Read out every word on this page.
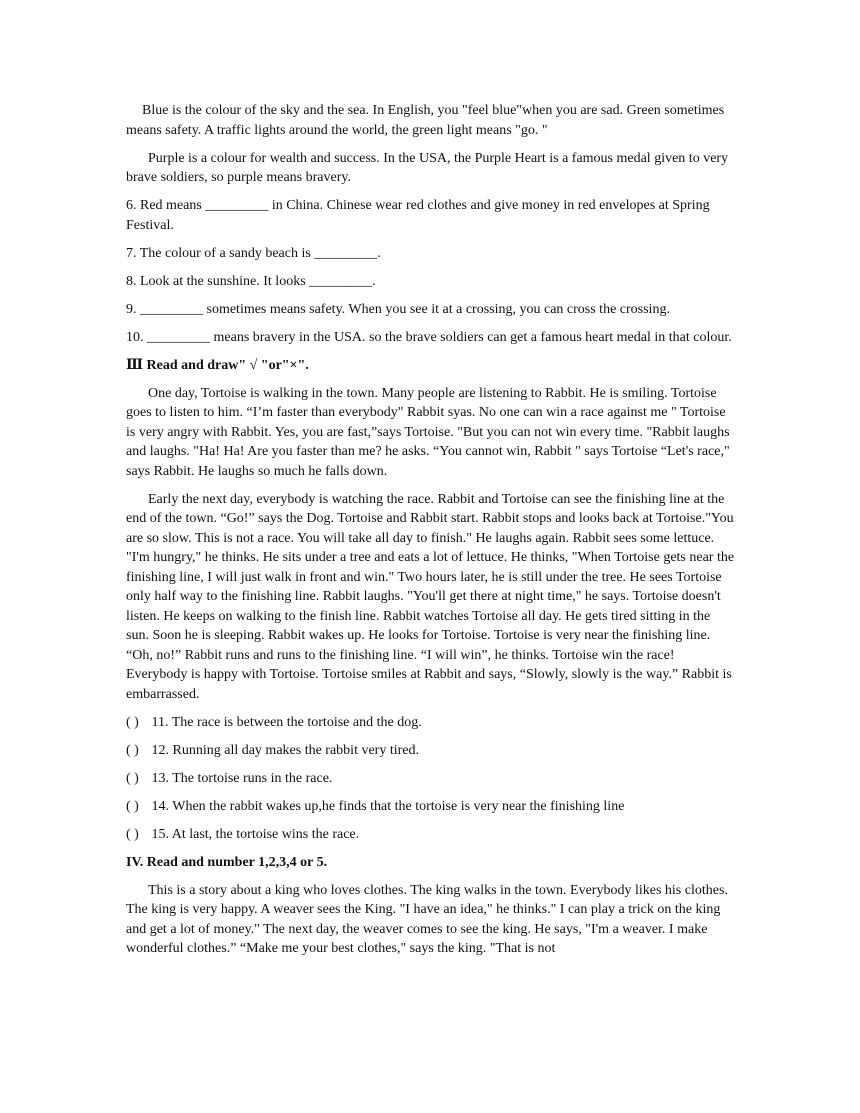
Blue is the colour of the sky and the sea. In English, you "feel blue"when you are sad. Green sometimes means safety. A traffic lights around the world, the green light means "go. "

Purple is a colour for wealth and success. In the USA, the Purple Heart is a famous medal given to very brave soldiers, so purple means bravery.

6. Red means _________ in China. Chinese wear red clothes and give money in red envelopes at Spring Festival.

7. The colour of a sandy beach is _________.

8. Look at the sunshine. It looks _________.

9. _________ sometimes means safety. When you see it at a crossing, you can cross the crossing.

10. _________ means bravery in the USA. so the brave soldiers can get a famous heart medal in that colour.

Ⅲ Read and draw" √ "or"×".

One day, Tortoise is walking in the town. Many people are listening to Rabbit. He is smiling. Tortoise goes to listen to him. “I’m faster than everybody" Rabbit syas. No one can win a race against me " Tortoise is very angry with Rabbit. Yes, you are fast,”says Tortoise. "But you can not win every time. "Rabbit laughs and laughs. "Ha! Ha! Are you faster than me? he asks. “You cannot win, Rabbit " says Tortoise “Let's race," says Rabbit. He laughs so much he falls down.

Early the next day, everybody is watching the race. Rabbit and Tortoise can see the finishing line at the end of the town. “Go!” says the Dog. Tortoise and Rabbit start. Rabbit stops and looks back at Tortoise."You are so slow. This is not a race. You will take all day to finish." He laughs again. Rabbit sees some lettuce. "I'm hungry," he thinks. He sits under a tree and eats a lot of lettuce. He thinks, "When Tortoise gets near the finishing line, I will just walk in front and win." Two hours later, he is still under the tree. He sees Tortoise only half way to the finishing line. Rabbit laughs. "You'll get there at night time," he says. Tortoise doesn't listen. He keeps on walking to the finish line. Rabbit watches Tortoise all day. He gets tired sitting in the sun. Soon he is sleeping. Rabbit wakes up. He looks for Tortoise. Tortoise is very near the finishing line. “Oh, no!” Rabbit runs and runs to the finishing line. “I will win”, he thinks. Tortoise win the race! Everybody is happy with Tortoise. Tortoise smiles at Rabbit and says, “Slowly, slowly is the way.” Rabbit is embarrassed.

( ) 11. The race is between the tortoise and the dog.

( ) 12. Running all day makes the rabbit very tired.

( ) 13. The tortoise runs in the race.

( ) 14. When the rabbit wakes up,he finds that the tortoise is very near the finishing line

( ) 15. At last, the tortoise wins the race.

IV. Read and number 1,2,3,4 or 5.

This is a story about a king who loves clothes. The king walks in the town. Everybody likes his clothes. The king is very happy. A weaver sees the King. "I have an idea," he thinks." I can play a trick on the king and get a lot of money." The next day, the weaver comes to see the king. He says, "I'm a weaver. I make wonderful clothes.” “Make me your best clothes," says the king. "That is not
